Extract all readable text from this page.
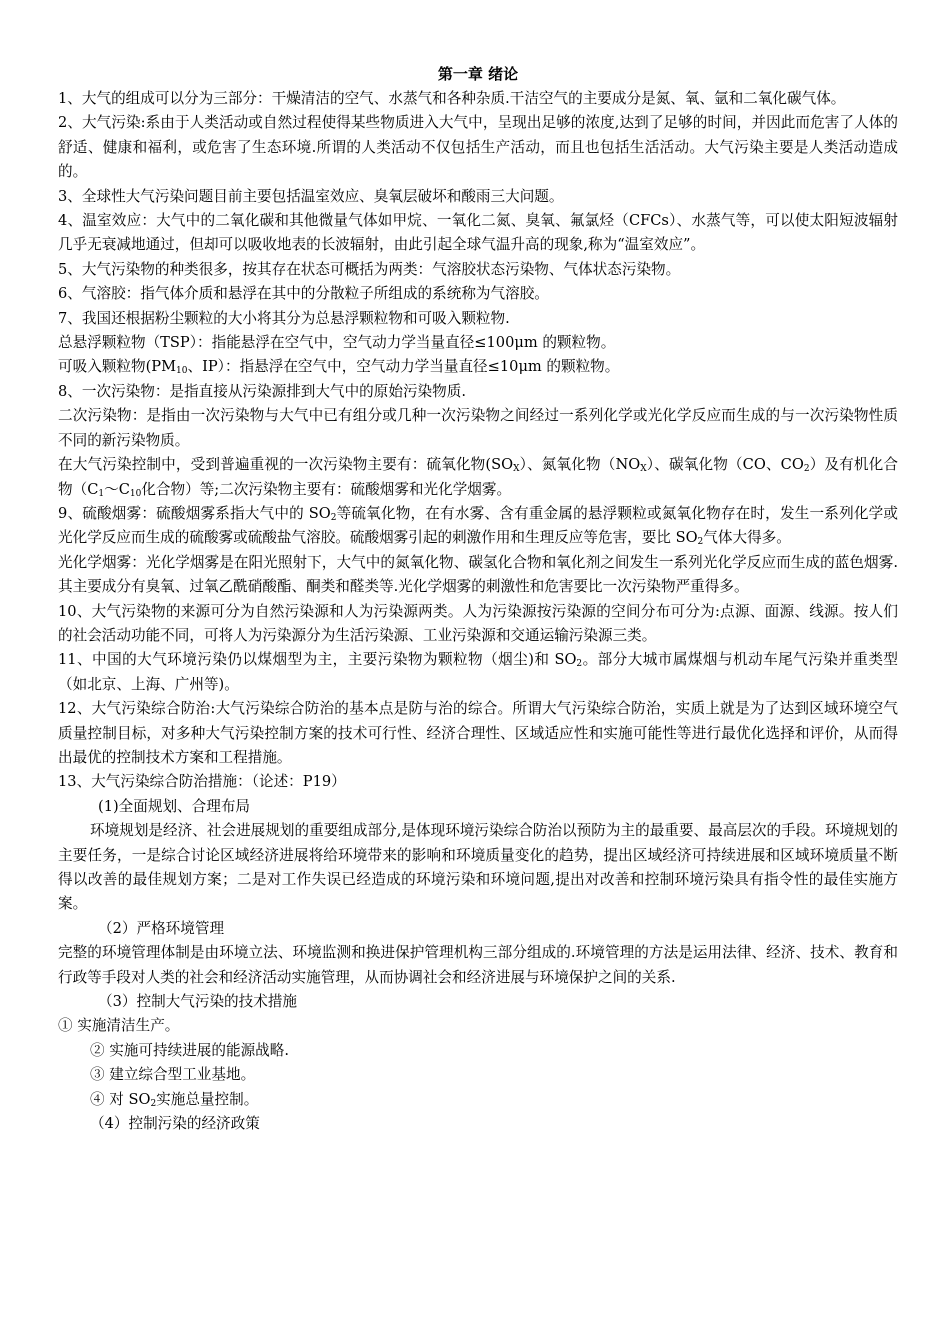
第一章 绪论

1、大气的组成可以分为三部分：干燥清洁的空气、水蒸气和各种杂质.干洁空气的主要成分是氮、氧、氩和二氧化碳气体。

2、大气污染:系由于人类活动或自然过程使得某些物质进入大气中，呈现出足够的浓度,达到了足够的时间，并因此而危害了人体的舒适、健康和福利，或危害了生态环境.所谓的人类活动不仅包括生产活动，而且也包括生活活动。大气污染主要是人类活动造成的。

3、全球性大气污染问题目前主要包括温室效应、臭氧层破坏和酸雨三大问题。

4、温室效应：大气中的二氧化碳和其他微量气体如甲烷、一氧化二氮、臭氧、氟氯烃（CFCs）、水蒸气等，可以使太阳短波辐射几乎无衰减地通过，但却可以吸收地表的长波辐射，由此引起全球气温升高的现象,称为“温室效应”。

5、大气污染物的种类很多，按其存在状态可概括为两类：气溶胶状态污染物、气体状态污染物。

6、气溶胶：指气体介质和悬浮在其中的分散粒子所组成的系统称为气溶胶。

7、我国还根据粉尘颗粒的大小将其分为总悬浮颗粒物和可吸入颗粒物.

总悬浮颗粒物（TSP）：指能悬浮在空气中，空气动力学当量直径≤100μm 的颗粒物。

可吸入颗粒物($PM_{10}$、IP）：指悬浮在空气中，空气动力学当量直径≤10μm 的颗粒物。

8、一次污染物：是指直接从污染源排到大气中的原始污染物质.

二次污染物：是指由一次污染物与大气中已有组分或几种一次污染物之间经过一系列化学或光化学反应而生成的与一次污染物性质不同的新污染物质。

在大气污染控制中，受到普遍重视的一次污染物主要有：硫氧化物$(SO_X)$、氮氧化物$(NO_X)$、碳氧化物（CO、$CO_2$）及有机化合物（$C_1\sim C_{10}$化合物）等;二次污染物主要有：硫酸烟雾和光化学烟雾。

9、硫酸烟雾：硫酸烟雾系指大气中的 $SO_2$等硫氧化物，在有水雾、含有重金属的悬浮颗粒或氮氧化物存在时，发生一系列化学或光化学反应而生成的硫酸雾或硫酸盐气溶胶。硫酸烟雾引起的刺激作用和生理反应等危害，要比 $SO_2$气体大得多。

光化学烟雾：光化学烟雾是在阳光照射下，大气中的氮氧化物、碳氢化合物和氧化剂之间发生一系列光化学反应而生成的蓝色烟雾.其主要成分有臭氧、过氧乙酰硝酸酯、酮类和醛类等.光化学烟雾的刺激性和危害要比一次污染物严重得多。

10、大气污染物的来源可分为自然污染源和人为污染源两类。人为污染源按污染源的空间分布可分为:点源、面源、线源。按人们的社会活动功能不同，可将人为污染源分为生活污染源、工业污染源和交通运输污染源三类。

11、中国的大气环境污染仍以煤烟型为主，主要污染物为颗粒物（烟尘)和 $SO_2$。部分大城市属煤烟与机动车尾气污染并重类型（如北京、上海、广州等)。

12、大气污染综合防治:大气污染综合防治的基本点是防与治的综合。所谓大气污染综合防治，实质上就是为了达到区域环境空气质量控制目标，对多种大气污染控制方案的技术可行性、经济合理性、区域适应性和实施可能性等进行最优化选择和评价，从而得出最优的控制技术方案和工程措施。

13、大气污染综合防治措施：（论述：P19）

(1)全面规划、合理布局

环境规划是经济、社会进展规划的重要组成部分,是体现环境污染综合防治以预防为主的最重要、最高层次的手段。环境规划的主要任务，一是综合讨论区域经济进展将给环境带来的影响和环境质量变化的趋势，提出区域经济可持续进展和区域环境质量不断得以改善的最佳规划方案；二是对工作失误已经造成的环境污染和环境问题,提出对改善和控制环境污染具有指令性的最佳实施方案。

（2）严格环境管理

完整的环境管理体制是由环境立法、环境监测和换进保护管理机构三部分组成的.环境管理的方法是运用法律、经济、技术、教育和行政等手段对人类的社会和经济活动实施管理，从而协调社会和经济进展与环境保护之间的关系.

（3）控制大气污染的技术措施

① 实施清洁生产。

② 实施可持续进展的能源战略.

③ 建立综合型工业基地。

④ 对 $SO_2$实施总量控制。

（4）控制污染的经济政策
